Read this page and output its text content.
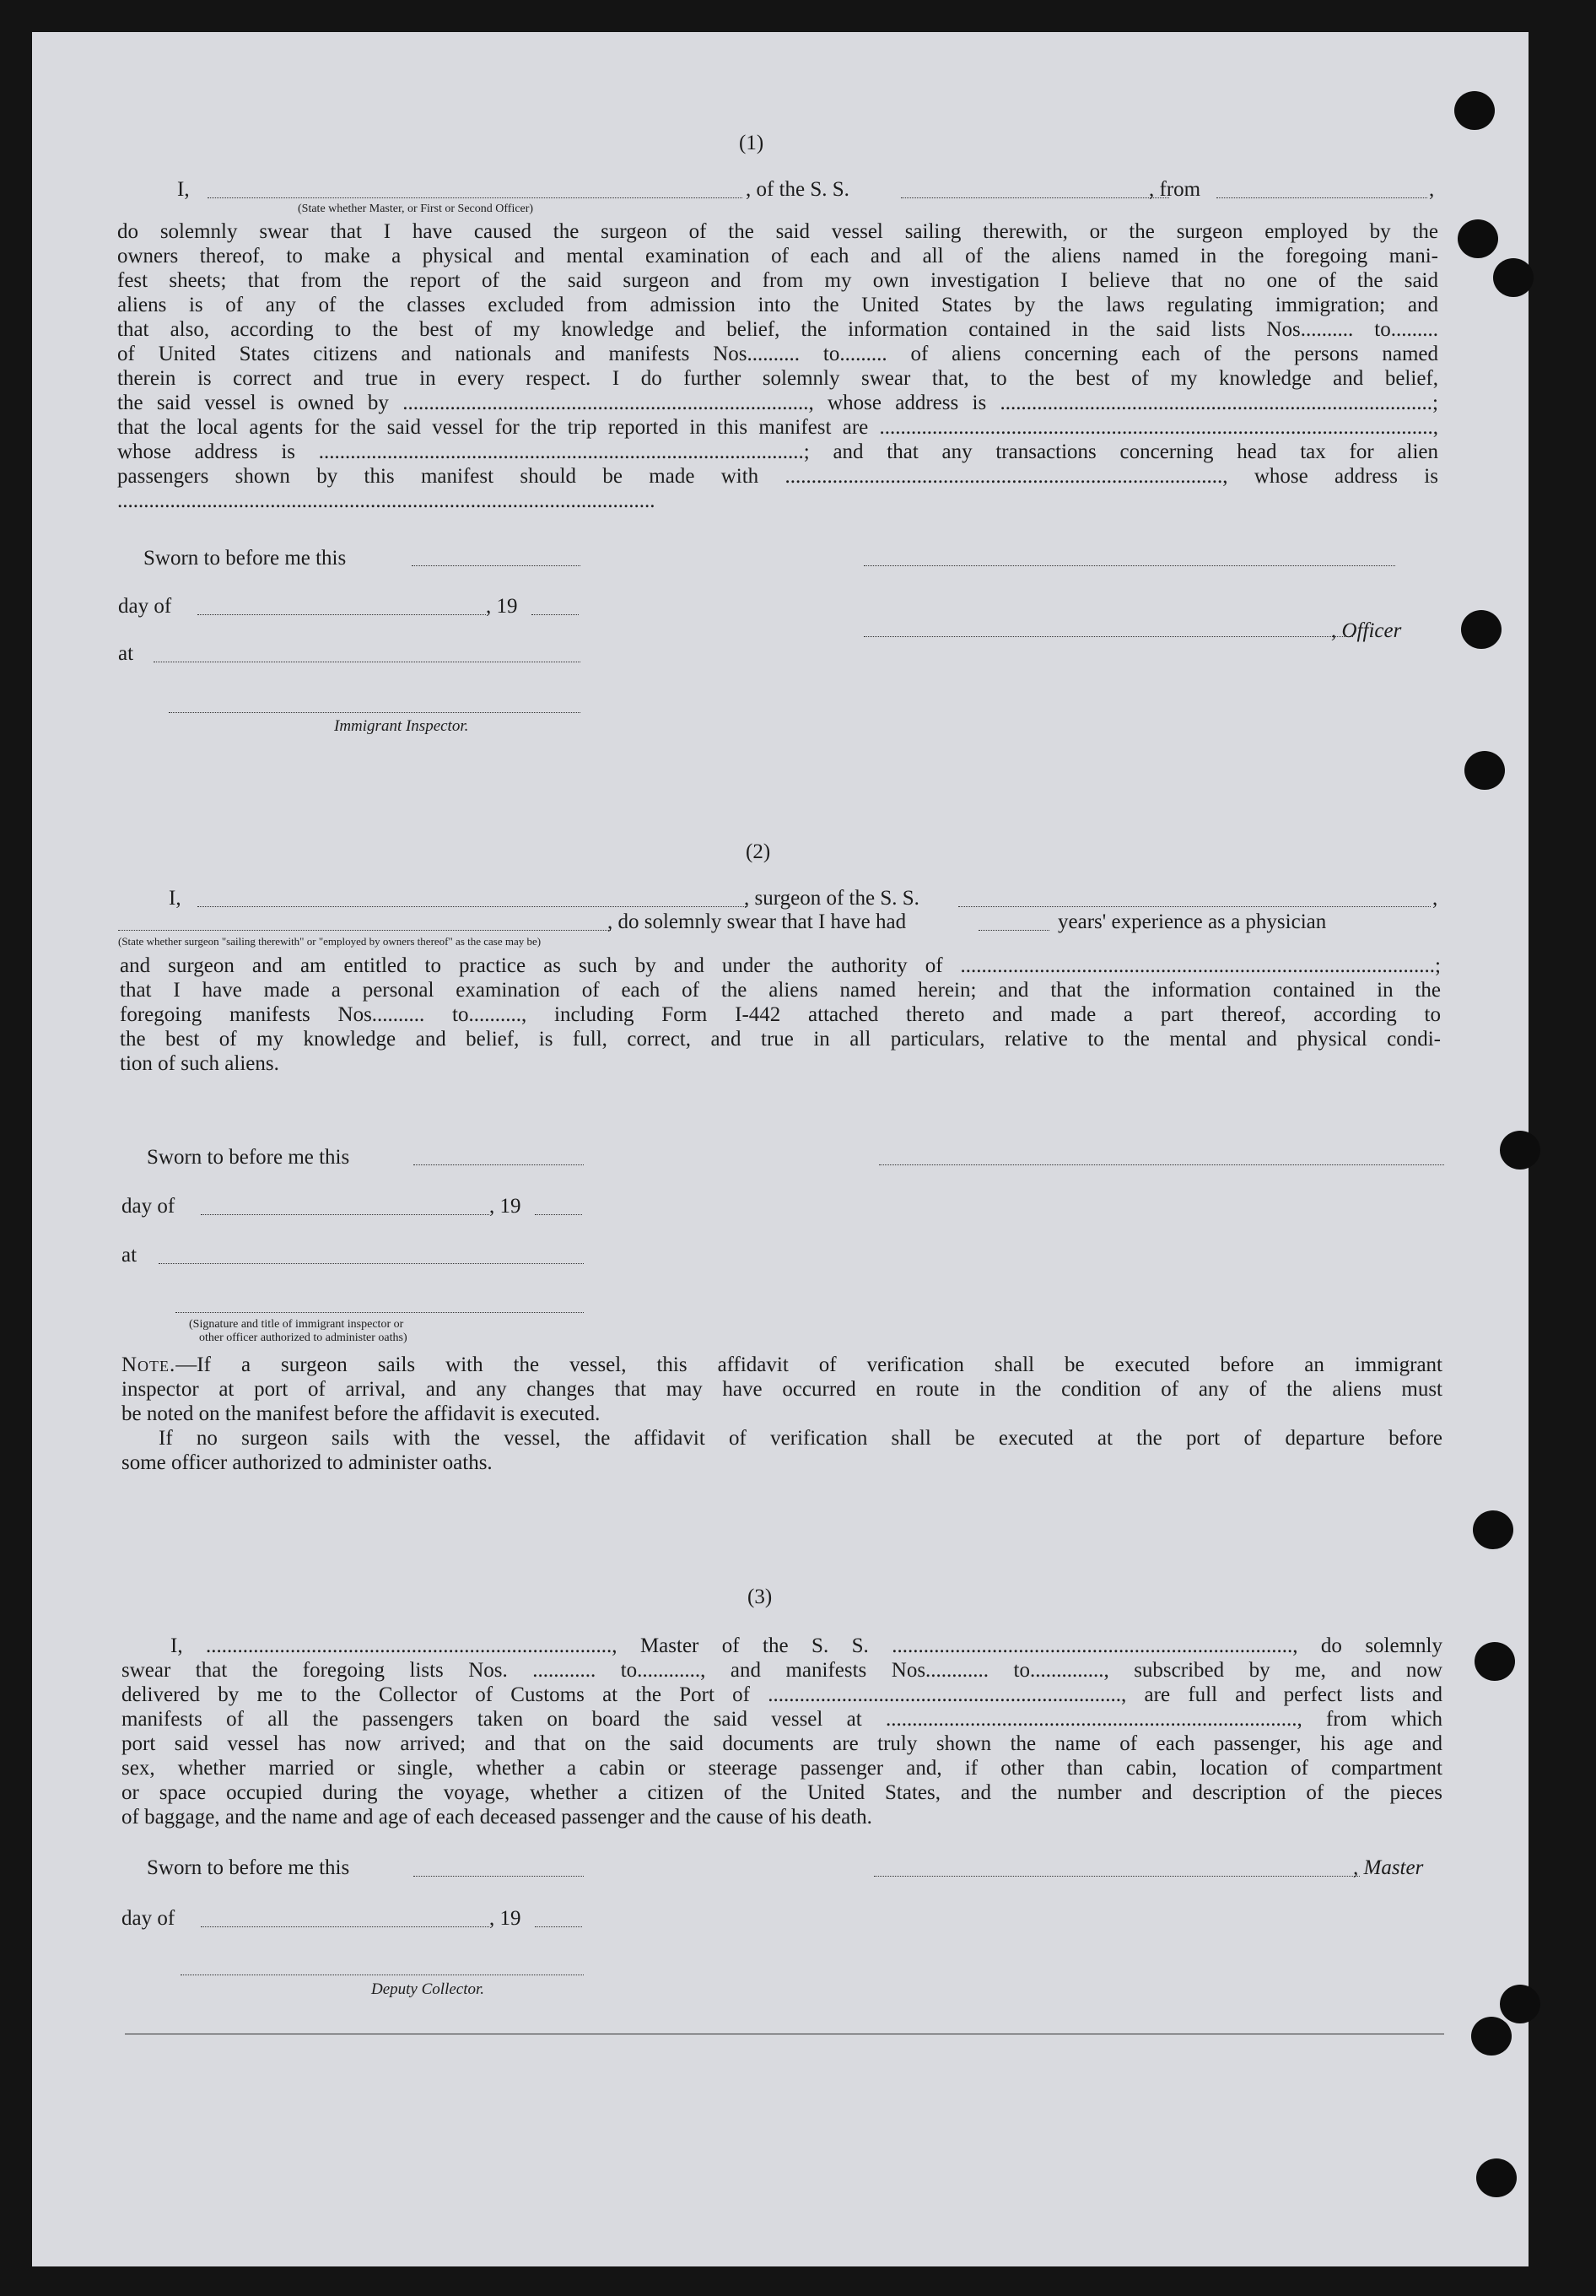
(1)
I,	, of the S. S.	, from	,
(State whether Master, or First or Second Officer)
do solemnly swear that I have caused the surgeon of the said vessel sailing therewith, or the surgeon employed by the
owners thereof, to make a physical and mental examination of each and all of the aliens named in the foregoing mani-
fest sheets; that from the report of the said surgeon and from my own investigation I believe that no one of the said
aliens is of any of the classes excluded from admission into the United States by the laws regulating immigration; and
that also, according to the best of my knowledge and belief, the information contained in the said lists Nos.......... to.........
of United States citizens and nationals and manifests Nos.......... to......... of aliens concerning each of the persons named
therein is correct and true in every respect. I do further solemnly swear that, to the best of my knowledge and belief,
the said vessel is owned by ............................................................................., whose address is ..................................................................................;
that the local agents for the said vessel for the trip reported in this manifest are .........................................................................................................,
whose address is ............................................................................................; and that any transactions concerning head tax for alien
passengers shown by this manifest should be made with ..................................................................................., whose address is
......................................................................................................
Sworn to before me this
day of	, 19
at
Immigrant Inspector.
, Officer
(2)
I,	, surgeon of the S. S.	,
, do solemnly swear that I have had	years' experience as a physician
(State whether surgeon "sailing therewith" or "employed by owners thereof" as the case may be)
and surgeon and am entitled to practice as such by and under the authority of ..........................................................................................;
that I have made a personal examination of each of the aliens named herein; and that the information contained in the
foregoing manifests Nos.......... to.........., including Form I-442 attached thereto and made a part thereof, according to
the best of my knowledge and belief, is full, correct, and true in all particulars, relative to the mental and physical condi-
tion of such aliens.
Sworn to before me this
day of	, 19
at
(Signature and title of immigrant inspector or
other officer authorized to administer oaths)
Note.—If a surgeon sails with the vessel, this affidavit of verification shall be executed before an immigrant
inspector at port of arrival, and any changes that may have occurred en route in the condition of any of the aliens must
be noted on the manifest before the affidavit is executed.
If no surgeon sails with the vessel, the affidavit of verification shall be executed at the port of departure before
some officer authorized to administer oaths.
(3)
I, ............................................................................., Master of the S. S. ............................................................................, do solemnly
swear that the foregoing lists Nos. ............ to............, and manifests Nos............ to.............., subscribed by me, and now
delivered by me to the Collector of Customs at the Port of ..................................................................., are full and perfect lists and
manifests of all the passengers taken on board the said vessel at .............................................................................., from which
port said vessel has now arrived; and that on the said documents are truly shown the name of each passenger, his age and
sex, whether married or single, whether a cabin or steerage passenger and, if other than cabin, location of compartment
or space occupied during the voyage, whether a citizen of the United States, and the number and description of the pieces
of baggage, and the name and age of each deceased passenger and the cause of his death.
Sworn to before me this	, Master
day of	, 19
Deputy Collector.
